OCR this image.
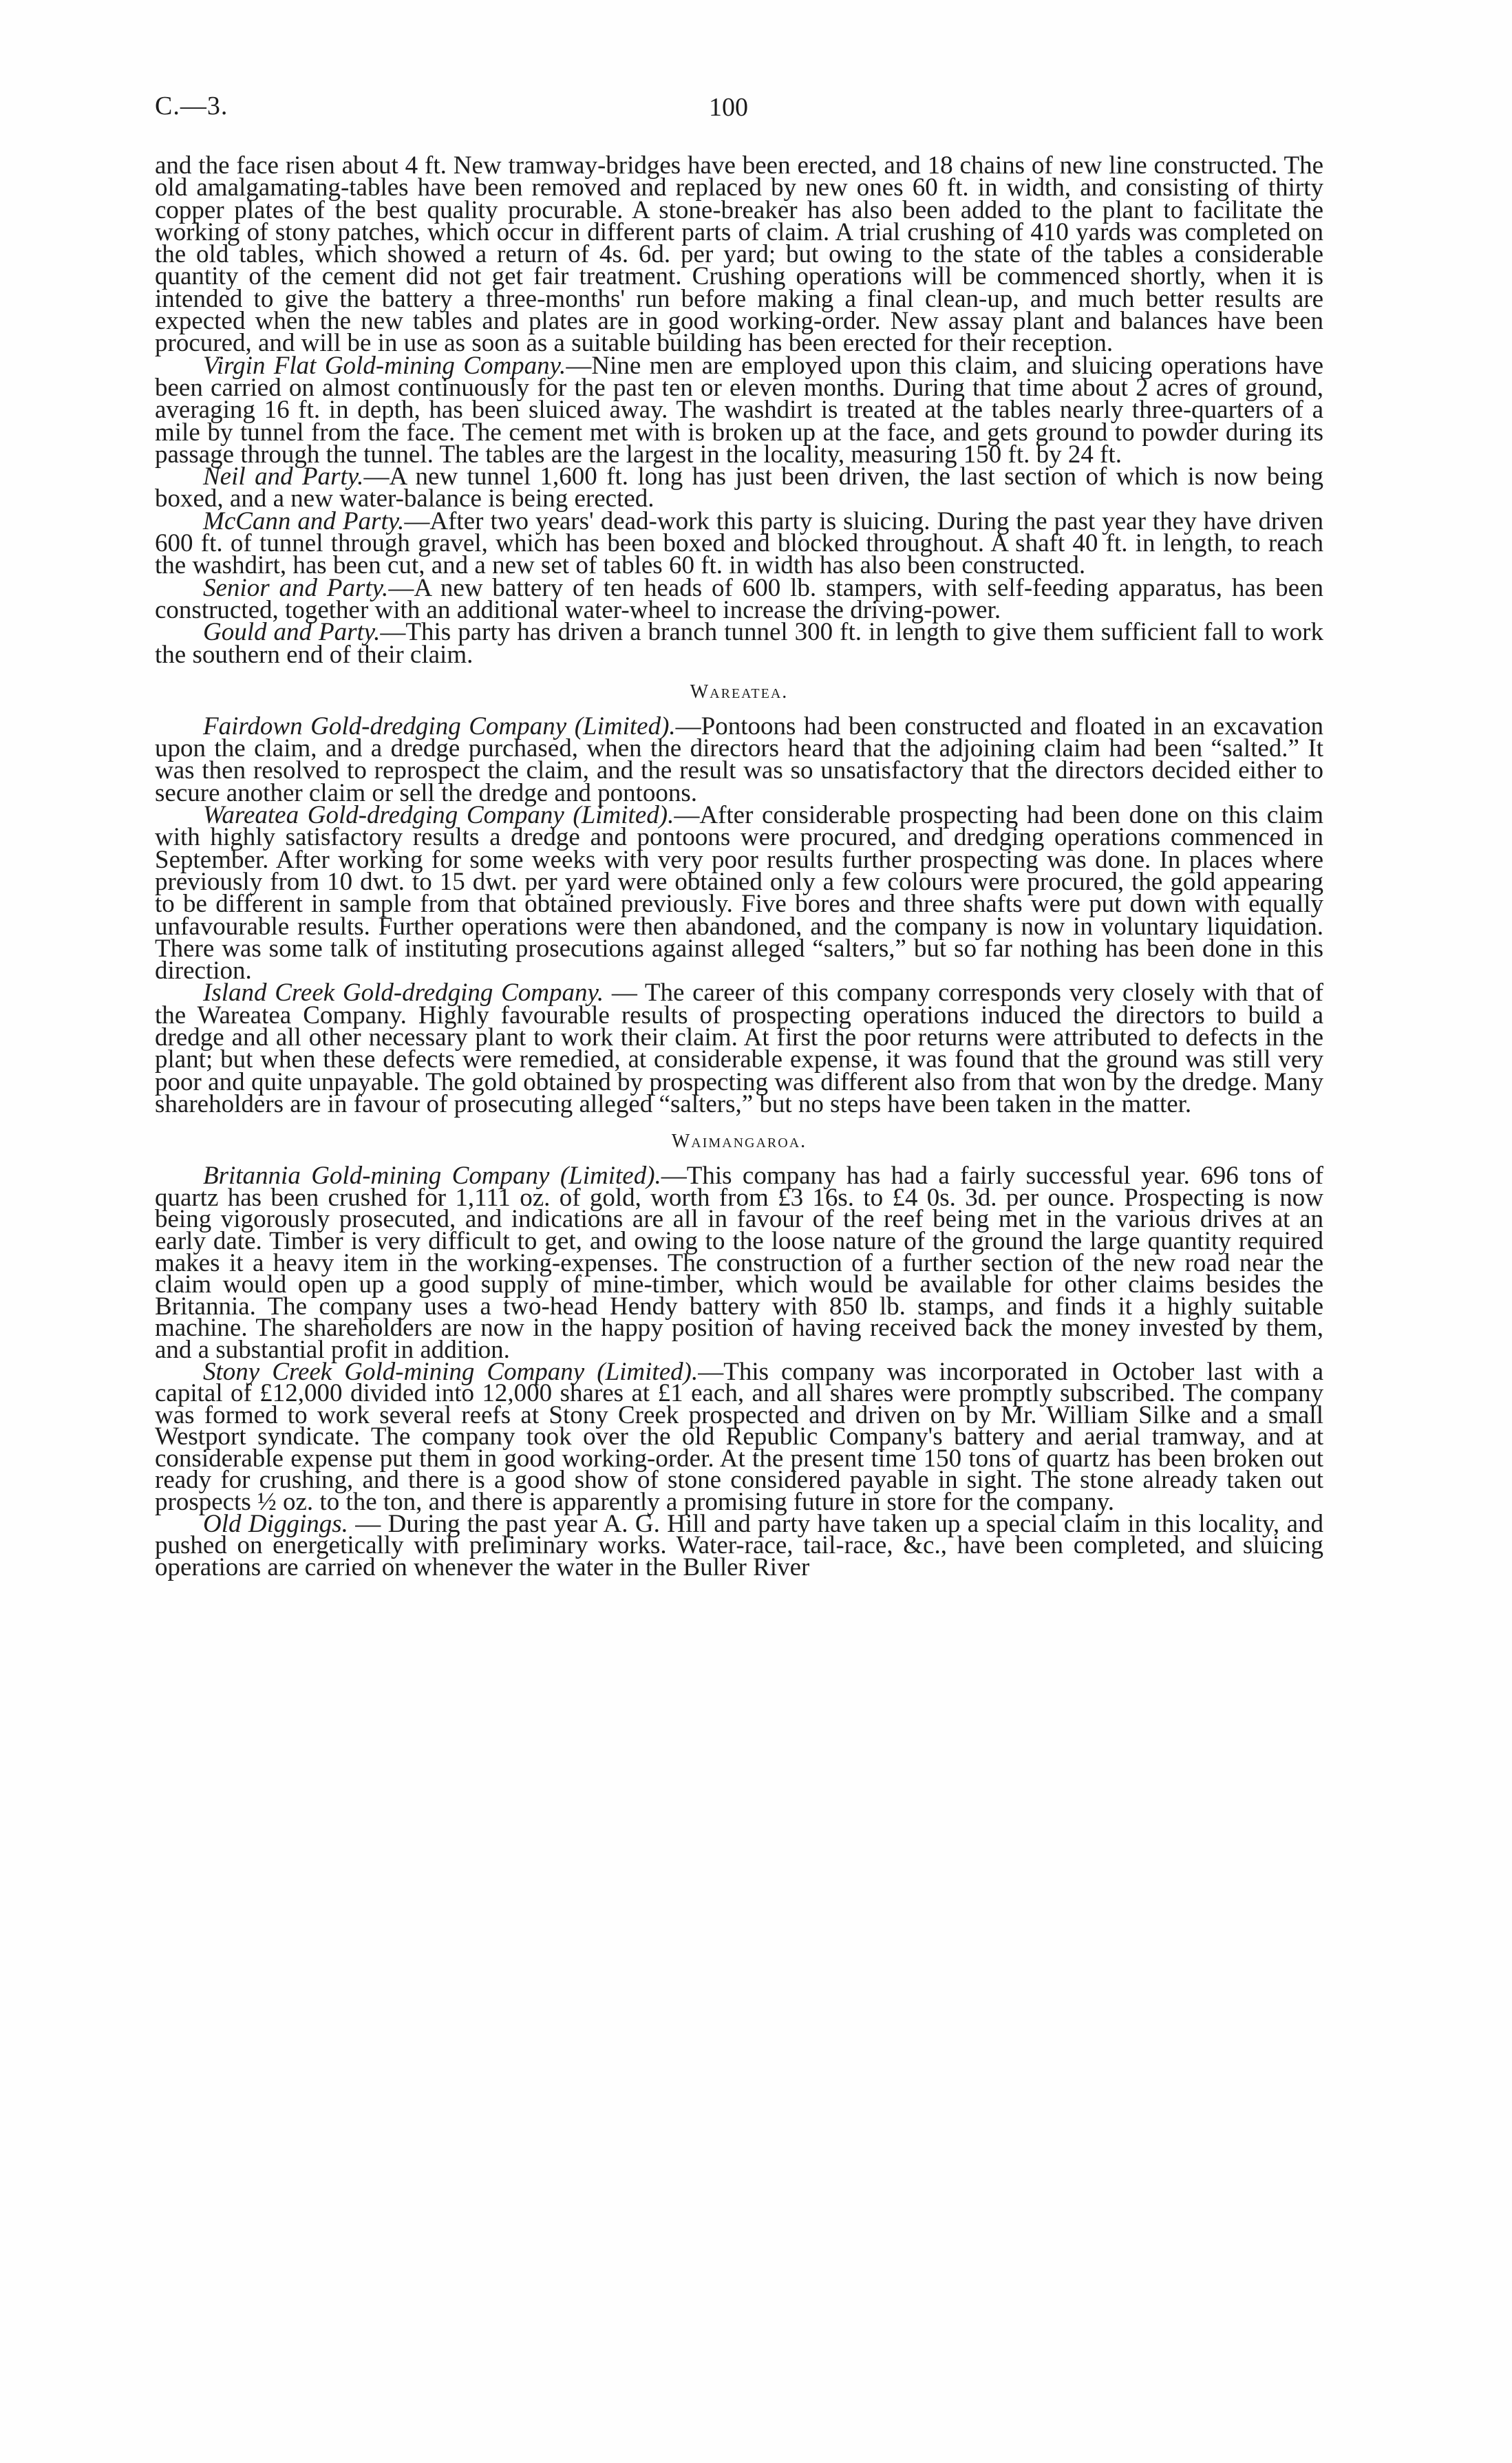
C.—3.	100

and the face risen about 4 ft. New tramway-bridges have been erected, and 18 chains of new line constructed. The old amalgamating-tables have been removed and replaced by new ones 60 ft. in width, and consisting of thirty copper plates of the best quality procurable. A stone-breaker has also been added to the plant to facilitate the working of stony patches, which occur in different parts of claim. A trial crushing of 410 yards was completed on the old tables, which showed a return of 4s. 6d. per yard; but owing to the state of the tables a considerable quantity of the cement did not get fair treatment. Crushing operations will be commenced shortly, when it is intended to give the battery a three-months' run before making a final clean-up, and much better results are expected when the new tables and plates are in good working-order. New assay plant and balances have been procured, and will be in use as soon as a suitable building has been erected for their reception.

Virgin Flat Gold-mining Company.—Nine men are employed upon this claim, and sluicing operations have been carried on almost continuously for the past ten or eleven months. During that time about 2 acres of ground, averaging 16 ft. in depth, has been sluiced away. The washdirt is treated at the tables nearly three-quarters of a mile by tunnel from the face. The cement met with is broken up at the face, and gets ground to powder during its passage through the tunnel. The tables are the largest in the locality, measuring 150 ft. by 24 ft.

Neil and Party.—A new tunnel 1,600 ft. long has just been driven, the last section of which is now being boxed, and a new water-balance is being erected.

McCann and Party.—After two years' dead-work this party is sluicing. During the past year they have driven 600 ft. of tunnel through gravel, which has been boxed and blocked throughout. A shaft 40 ft. in length, to reach the washdirt, has been cut, and a new set of tables 60 ft. in width has also been constructed.

Senior and Party.—A new battery of ten heads of 600 lb. stampers, with self-feeding apparatus, has been constructed, together with an additional water-wheel to increase the driving-power.

Gould and Party.—This party has driven a branch tunnel 300 ft. in length to give them sufficient fall to work the southern end of their claim.

Wareatea.

Fairdown Gold-dredging Company (Limited).—Pontoons had been constructed and floated in an excavation upon the claim, and a dredge purchased, when the directors heard that the adjoining claim had been “salted.” It was then resolved to reprospect the claim, and the result was so unsatisfactory that the directors decided either to secure another claim or sell the dredge and pontoons.

Wareatea Gold-dredging Company (Limited).—After considerable prospecting had been done on this claim with highly satisfactory results a dredge and pontoons were procured, and dredging operations commenced in September. After working for some weeks with very poor results further prospecting was done. In places where previously from 10 dwt. to 15 dwt. per yard were obtained only a few colours were procured, the gold appearing to be different in sample from that obtained previously. Five bores and three shafts were put down with equally unfavourable results. Further operations were then abandoned, and the company is now in voluntary liquidation. There was some talk of instituting prosecutions against alleged “salters,” but so far nothing has been done in this direction.

Island Creek Gold-dredging Company. — The career of this company corresponds very closely with that of the Wareatea Company. Highly favourable results of prospecting operations induced the directors to build a dredge and all other necessary plant to work their claim. At first the poor returns were attributed to defects in the plant; but when these defects were remedied, at considerable expense, it was found that the ground was still very poor and quite unpayable. The gold obtained by prospecting was different also from that won by the dredge. Many shareholders are in favour of prosecuting alleged “salters,” but no steps have been taken in the matter.

Waimangaroa.

Britannia Gold-mining Company (Limited).—This company has had a fairly successful year. 696 tons of quartz has been crushed for 1,111 oz. of gold, worth from £3 16s. to £4 0s. 3d. per ounce. Prospecting is now being vigorously prosecuted, and indications are all in favour of the reef being met in the various drives at an early date. Timber is very difficult to get, and owing to the loose nature of the ground the large quantity required makes it a heavy item in the working-expenses. The construction of a further section of the new road near the claim would open up a good supply of mine-timber, which would be available for other claims besides the Britannia. The company uses a two-head Hendy battery with 850 lb. stamps, and finds it a highly suitable machine. The shareholders are now in the happy position of having received back the money invested by them, and a substantial profit in addition.

Stony Creek Gold-mining Company (Limited).—This company was incorporated in October last with a capital of £12,000 divided into 12,000 shares at £1 each, and all shares were promptly subscribed. The company was formed to work several reefs at Stony Creek prospected and driven on by Mr. William Silke and a small Westport syndicate. The company took over the old Republic Company's battery and aerial tramway, and at considerable expense put them in good working-order. At the present time 150 tons of quartz has been broken out ready for crushing, and there is a good show of stone considered payable in sight. The stone already taken out prospects ½ oz. to the ton, and there is apparently a promising future in store for the company.

Old Diggings. — During the past year A. G. Hill and party have taken up a special claim in this locality, and pushed on energetically with preliminary works. Water-race, tail-race, &c., have been completed, and sluicing operations are carried on whenever the water in the Buller River
